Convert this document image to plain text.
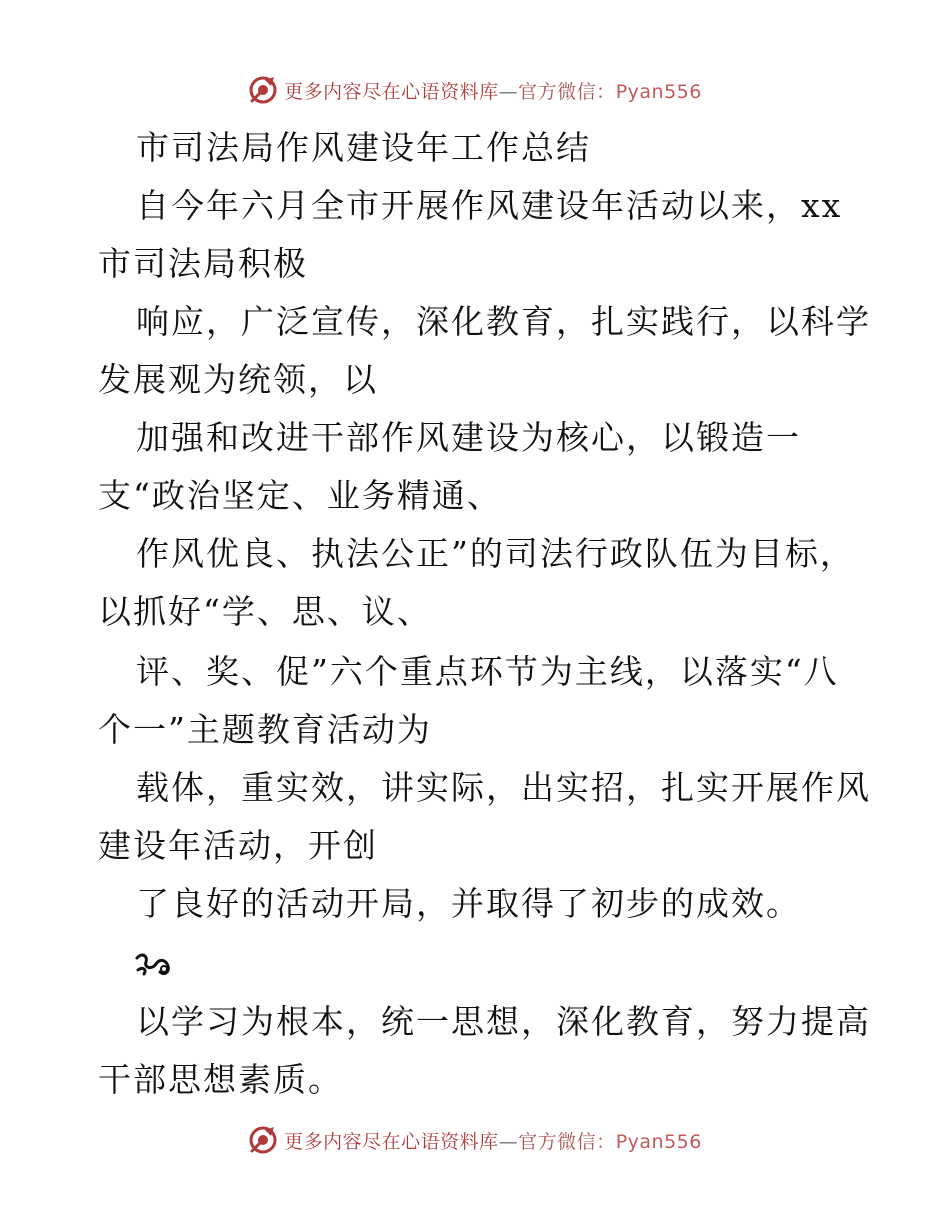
更多内容尽在心语资料库—官方微信：Pyan556
市司法局作风建设年工作总结
自今年六月全市开展作风建设年活动以来，xx
市司法局积极
响应，广泛宣传，深化教育，扎实践行，以科学
发展观为统领，以
加强和改进干部作风建设为核心，以锻造一
支“政治坚定、业务精通、
作风优良、执法公正”的司法行政队伍为目标，
以抓好“学、思、议、
评、奖、促”六个重点环节为主线，以落实“八
个一”主题教育活动为
载体，重实效，讲实际，出实招，扎实开展作风
建设年活动，开创
了良好的活动开局，并取得了初步的成效。
以学习为根本，统一思想，深化教育，努力提高
干部思想素质。
更多内容尽在心语资料库—官方微信：Pyan556
